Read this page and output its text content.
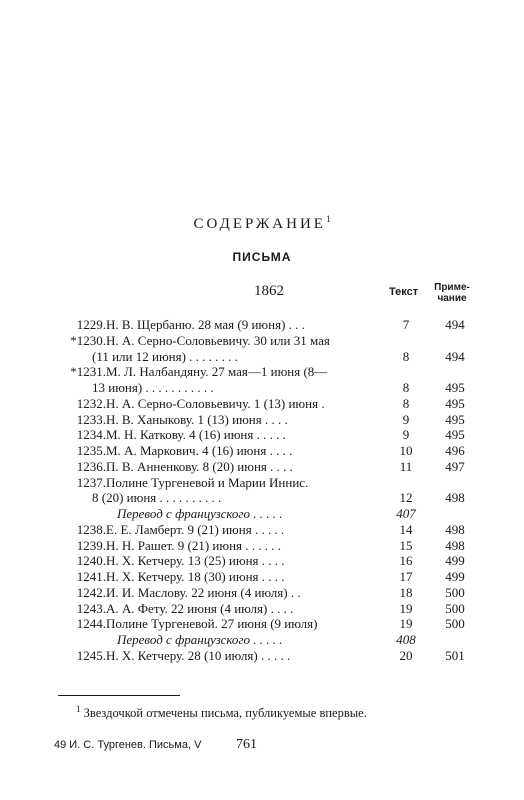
СОДЕРЖАНИЕ$^1$
ПИСЬМА
1862	Текст	Приме-
чание
1229. Н. В. Щербаню. 28 мая (9 июня) . . .	7	494
*1230. Н. А. Серно-Соловьевичу. 30 или 31 мая
(11 или 12 июня) . . . . . . . .	8	494
*1231. М. Л. Налбандяну. 27 мая—1 июня (8—
13 июня) . . . . . . . . . . .	8	495
1232. Н. А. Серно-Соловьевичу. 1 (13) июня .	8	495
1233. Н. В. Ханыкову. 1 (13) июня . . . .	9	495
1234. М. Н. Каткову. 4 (16) июня . . . . .	9	495
1235. М. А. Маркович. 4 (16) июня . . . .	10	496
1236. П. В. Анненкову. 8 (20) июня . . . .	11	497
1237. Полине Тургеневой и Марии Иннис.
8 (20) июня . . . . . . . . . .	12	498
Перевод с французского . . . . .	407
1238. Е. Е. Ламберт. 9 (21) июня . . . . .	14	498
1239. Н. Н. Рашет. 9 (21) июня . . . . . .	15	498
1240. Н. Х. Кетчеру. 13 (25) июня . . . .	16	499
1241. Н. Х. Кетчеру. 18 (30) июня . . . .	17	499
1242. И. И. Маслову. 22 июня (4 июля) . .	18	500
1243. А. А. Фету. 22 июня (4 июля) . . . .	19	500
1244. Полине Тургеневой. 27 июня (9 июля)	19	500
Перевод с французского . . . . .	408
1245. Н. Х. Кетчеру. 28 (10 июля) . . . . .	20	501
$^1$ Звездочкой отмечены письма, публикуемые впервые.
49 И. С. Тургенев. Письма, V 761
